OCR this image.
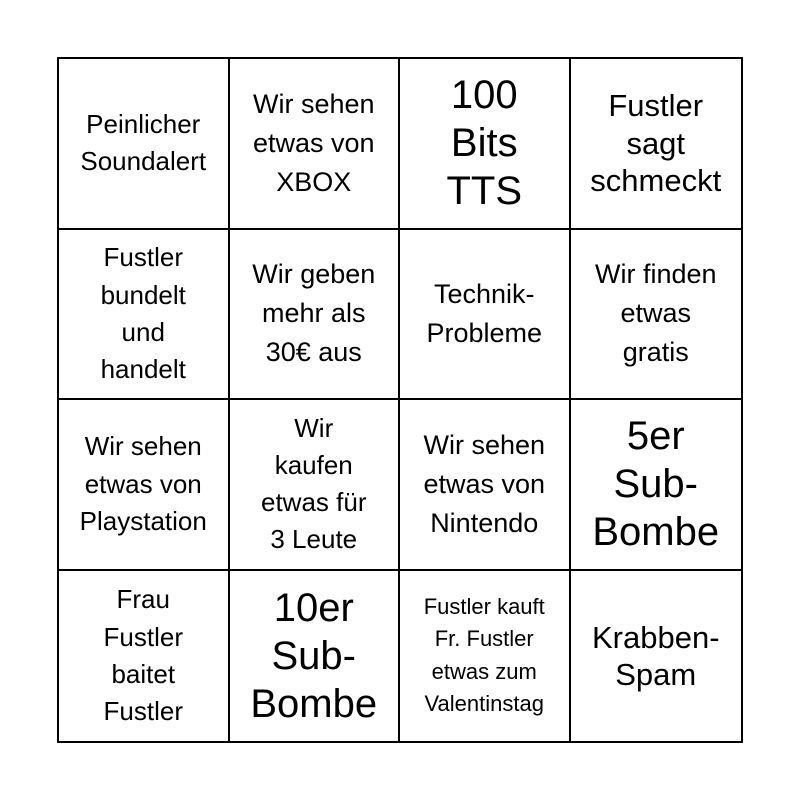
Peinlicher
Soundalert
Wir sehen
etwas von
XBOX
100
Bits
TTS
Fustler
sagt
schmeckt
Fustler
bundelt
und
handelt
Wir geben
mehr als
30€ aus
Technik-
Probleme
Wir finden
etwas
gratis
Wir sehen
etwas von
Playstation
Wir
kaufen
etwas für
3 Leute
Wir sehen
etwas von
Nintendo
5er
Sub-
Bombe
Frau
Fustler
baitet
Fustler
10er
Sub-
Bombe
Fustler kauft
Fr. Fustler
etwas zum
Valentinstag
Krabben-
Spam
